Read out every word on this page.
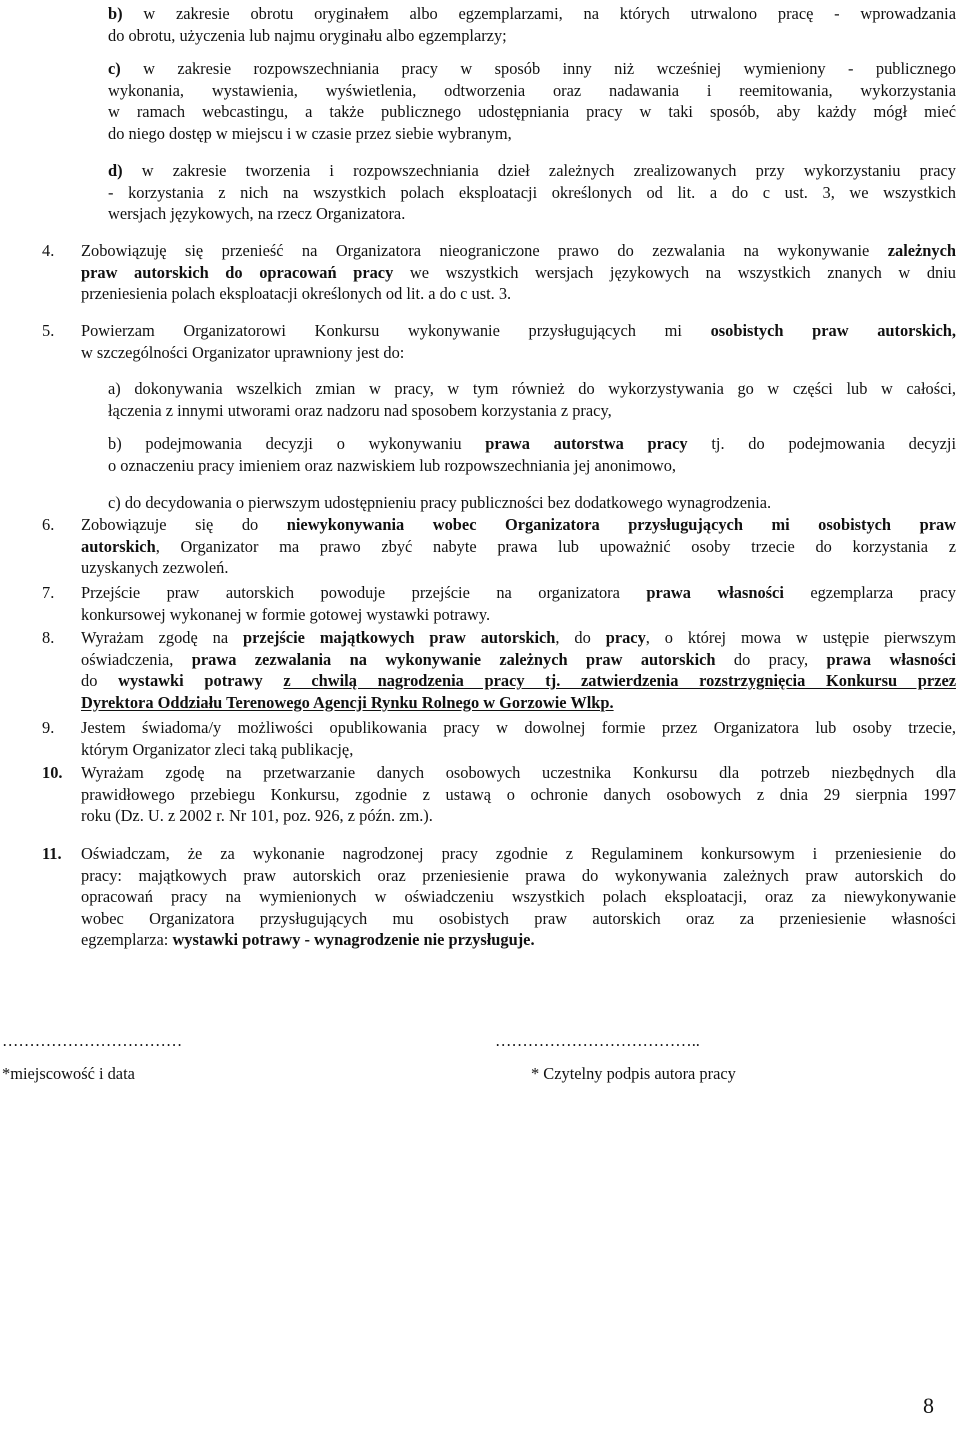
b) w zakresie obrotu oryginałem albo egzemplarzami, na których utrwalono pracę - wprowadzania
do obrotu, użyczenia lub najmu oryginału albo egzemplarzy;
c) w zakresie rozpowszechniania pracy w sposób inny niż wcześniej wymieniony - publicznego
wykonania, wystawienia, wyświetlenia, odtworzenia oraz nadawania i reemitowania, wykorzystania
w ramach webcastingu, a także publicznego udostępniania pracy w taki sposób, aby każdy mógł mieć
do niego dostęp w miejscu i w czasie przez siebie wybranym,
d) w zakresie tworzenia i rozpowszechniania dzieł zależnych zrealizowanych przy wykorzystaniu pracy
- korzystania z nich na wszystkich polach eksploatacji określonych od lit. a do c ust. 3, we wszystkich
wersjach językowych, na rzecz Organizatora.
4. Zobowiązuję się przenieść na Organizatora nieograniczone prawo do zezwalania na wykonywanie zależnych
praw autorskich do opracowań pracy we wszystkich wersjach językowych na wszystkich znanych w dniu
przeniesienia polach eksploatacji określonych od lit. a do c ust. 3.
5. Powierzam Organizatorowi Konkursu wykonywanie przysługujących mi osobistych praw autorskich,
w szczególności Organizator uprawniony jest do:
a) dokonywania wszelkich zmian w pracy, w tym również do wykorzystywania go w części lub w całości,
łączenia z innymi utworami oraz nadzoru nad sposobem korzystania z pracy,
b) podejmowania decyzji o wykonywaniu prawa autorstwa pracy tj. do podejmowania decyzji
o oznaczeniu pracy imieniem oraz nazwiskiem lub rozpowszechniania jej anonimowo,
c) do decydowania o pierwszym udostępnieniu pracy publiczności bez dodatkowego wynagrodzenia.
6. Zobowiązuje się do niewykonywania wobec Organizatora przysługujących mi osobistych praw
autorskich, Organizator ma prawo zbyć nabyte prawa lub upoważnić osoby trzecie do korzystania z
uzyskanych zezwoleń.
7. Przejście praw autorskich powoduje przejście na organizatora prawa własności egzemplarza pracy
konkursowej wykonanej w formie gotowej wystawki potrawy.
8. Wyrażam zgodę na przejście majątkowych praw autorskich, do pracy, o której mowa w ustępie pierwszym
oświadczenia, prawa zezwalania na wykonywanie zależnych praw autorskich do pracy, prawa własności
do wystawki potrawy z chwilą nagrodzenia pracy tj. zatwierdzenia rozstrzygnięcia Konkursu przez
Dyrektora Oddziału Terenowego Agencji Rynku Rolnego w Gorzowie Wlkp.
9. Jestem świadoma/y możliwości opublikowania pracy w dowolnej formie przez Organizatora lub osoby trzecie,
którym Organizator zleci taką publikację,
10. Wyrażam zgodę na przetwarzanie danych osobowych uczestnika Konkursu dla potrzeb niezbędnych dla
prawidłowego przebiegu Konkursu, zgodnie z ustawą o ochronie danych osobowych z dnia 29 sierpnia 1997
roku (Dz. U. z 2002 r. Nr 101, poz. 926, z późn. zm.).
11. Oświadczam, że za wykonanie nagrodzonej pracy zgodnie z Regulaminem konkursowym i przeniesienie do
pracy: majątkowych praw autorskich oraz przeniesienie prawa do wykonywania zależnych praw autorskich do
opracowań pracy na wymienionych w oświadczeniu wszystkich polach eksploatacji, oraz za niewykonywanie
wobec Organizatora przysługujących mu osobistych praw autorskich oraz za przeniesienie własności
egzemplarza: wystawki potrawy - wynagrodzenie nie przysługuje.
……………………………
*miejscowość i data
………………………………..
* Czytelny podpis autora pracy
8
